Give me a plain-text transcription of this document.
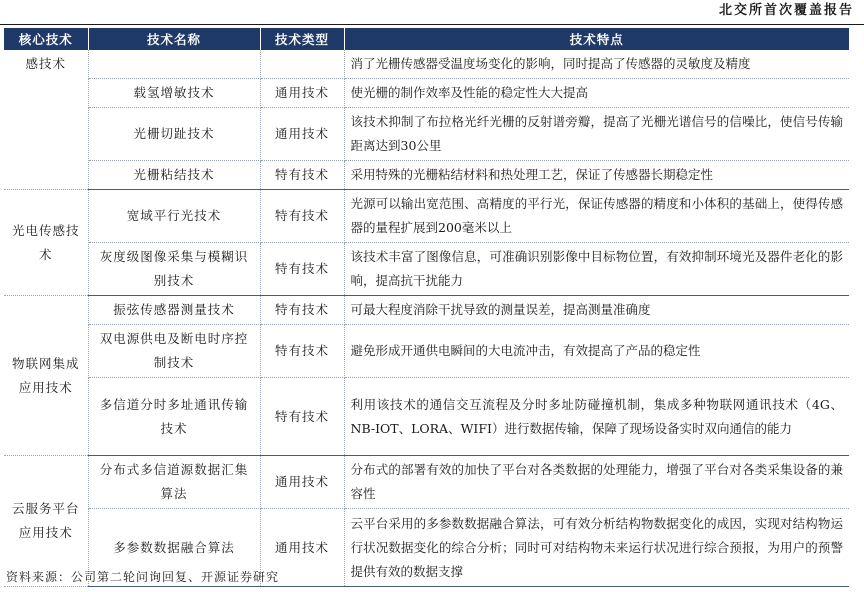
北交所首次覆盖报告
核心技术	技术名称	技术类型	技术特点
感技术			消了光栅传感器受温度场变化的影响，同时提高了传感器的灵敏度及精度
	载氢增敏技术	通用技术	使光栅的制作效率及性能的稳定性大大提高
	光栅切趾技术	通用技术	该技术抑制了布拉格光纤光栅的反射谱旁瓣，提高了光栅光谱信号的信噪比，使信号传输距离达到30公里
	光栅粘结技术	特有技术	采用特殊的光栅粘结材料和热处理工艺，保证了传感器长期稳定性
光电传感技术	宽域平行光技术	特有技术	光源可以输出宽范围、高精度的平行光，保证传感器的精度和小体积的基础上，使得传感器的量程扩展到200毫米以上
	灰度级图像采集与模糊识别技术	特有技术	该技术丰富了图像信息，可准确识别影像中目标物位置，有效抑制环境光及器件老化的影响，提高抗干扰能力
物联网集成应用技术	振弦传感器测量技术	特有技术	可最大程度消除干扰导致的测量误差，提高测量准确度
	双电源供电及断电时序控制技术	特有技术	避免形成开通供电瞬间的大电流冲击，有效提高了产品的稳定性
	多信道分时多址通讯传输技术	特有技术	利用该技术的通信交互流程及分时多址防碰撞机制，集成多种物联网通讯技术（4G、NB-IOT、LORA、WIFI）进行数据传输，保障了现场设备实时双向通信的能力
云服务平台应用技术	分布式多信道源数据汇集算法	通用技术	分布式的部署有效的加快了平台对各类数据的处理能力，增强了平台对各类采集设备的兼容性
	多参数数据融合算法	通用技术	云平台采用的多参数数据融合算法，可有效分析结构物数据变化的成因，实现对结构物运行状况数据变化的综合分析；同时可对结构物未来运行状况进行综合预报，为用户的预警提供有效的数据支撑
资料来源：公司第二轮问询回复、开源证券研究
